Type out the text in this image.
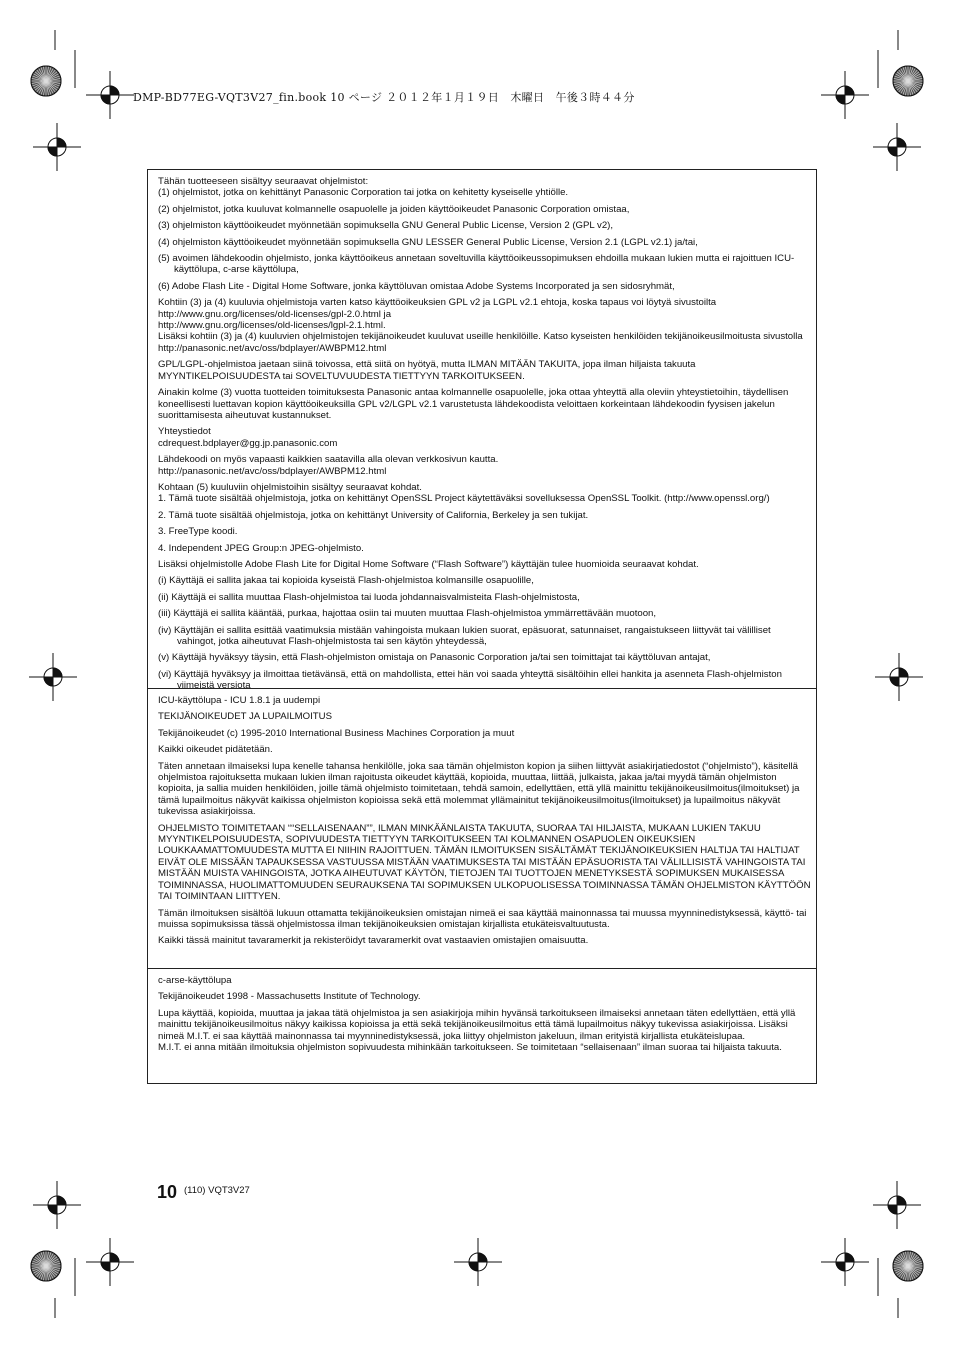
DMP-BD77EG-VQT3V27_fin.book 10 ページ ２０１２年１月１９日　木曜日　午後３時４４分

Tähän tuotteeseen sisältyy seuraavat ohjelmistot:

(1) ohjelmistot, jotka on kehittänyt Panasonic Corporation tai jotka on kehitetty kyseiselle yhtiölle.

(2) ohjelmistot, jotka kuuluvat kolmannelle osapuolelle ja joiden käyttöoikeudet Panasonic Corporation omistaa,

(3) ohjelmiston käyttöoikeudet myönnetään sopimuksella GNU General Public License, Version 2 (GPL v2),

(4) ohjelmiston käyttöoikeudet myönnetään sopimuksella GNU LESSER General Public License, Version 2.1 (LGPL v2.1) ja/tai,

(5) avoimen lähdekoodin ohjelmisto, jonka käyttöoikeus annetaan soveltuvilla käyttöoikeussopimuksen ehdoilla mukaan lukien mutta ei rajoittuen ICU-käyttölupa, c-arse käyttölupa,

(6) Adobe Flash Lite - Digital Home Software, jonka käyttöluvan omistaa Adobe Systems Incorporated ja sen sidosryhmät,

Kohtiin (3) ja (4) kuuluvia ohjelmistoja varten katso käyttöoikeuksien GPL v2 ja LGPL v2.1 ehtoja, koska tapaus voi löytyä sivustoilta

http://www.gnu.org/licenses/old-licenses/gpl-2.0.html ja

http://www.gnu.org/licenses/old-licenses/lgpl-2.1.html.

Lisäksi kohtiin (3) ja (4) kuuluvien ohjelmistojen tekijänoikeudet kuuluvat useille henkilöille. Katso kyseisten henkilöiden tekijänoikeusilmoitusta sivustolla

http://panasonic.net/avc/oss/bdplayer/AWBPM12.html

GPL/LGPL-ohjelmistoa jaetaan siinä toivossa, että siitä on hyötyä, mutta ILMAN MITÄÄN TAKUITA, jopa ilman hiljaista takuuta MYYNTIKELPOISUUDESTA tai SOVELTUVUUDESTA TIETTYYN TARKOITUKSEEN.

Ainakin kolme (3) vuotta tuotteiden toimituksesta Panasonic antaa kolmannelle osapuolelle, joka ottaa yhteyttä alla oleviin yhteystietoihin, täydellisen koneellisesti luettavan kopion käyttöoikeuksilla GPL v2/LGPL v2.1 varustetusta lähdekoodista veloittaen korkeintaan lähdekoodin fyysisen jakelun suorittamisesta aiheutuvat kustannukset.

Yhteystiedot

cdrequest.bdplayer@gg.jp.panasonic.com

Lähdekoodi on myös vapaasti kaikkien saatavilla alla olevan verkkosivun kautta.

http://panasonic.net/avc/oss/bdplayer/AWBPM12.html

Kohtaan (5) kuuluviin ohjelmistoihin sisältyy seuraavat kohdat.

1. Tämä tuote sisältää ohjelmistoja, jotka on kehittänyt OpenSSL Project käytettäväksi sovelluksessa OpenSSL Toolkit. (http://www.openssl.org/)

2. Tämä tuote sisältää ohjelmistoja, jotka on kehittänyt University of California, Berkeley ja sen tukijat.

3. FreeType koodi.

4. Independent JPEG Group:n JPEG-ohjelmisto.

Lisäksi ohjelmistolle Adobe Flash Lite for Digital Home Software (“Flash Software”) käyttäjän tulee huomioida seuraavat kohdat.

(i) Käyttäjä ei sallita jakaa tai kopioida kyseistä Flash-ohjelmistoa kolmansille osapuolille,

(ii) Käyttäjä ei sallita muuttaa Flash-ohjelmistoa tai luoda johdannaisvalmisteita Flash-ohjelmistosta,

(iii) Käyttäjä ei sallita kääntää, purkaa, hajottaa osiin tai muuten muuttaa Flash-ohjelmistoa ymmärrettävään muotoon,

(iv) Käyttäjän ei sallita esittää vaatimuksia mistään vahingoista mukaan lukien suorat, epäsuorat, satunnaiset, rangaistukseen liittyvät tai välilliset vahingot, jotka aiheutuvat Flash-ohjelmistosta tai sen käytön yhteydessä,

(v) Käyttäjä hyväksyy täysin, että Flash-ohjelmiston omistaja on Panasonic Corporation ja/tai sen toimittajat tai käyttöluvan antajat,

(vi) Käyttäjä hyväksyy ja ilmoittaa tietävänsä, että on mahdollista, ettei hän voi saada yhteyttä sisältöihin ellei hankita ja asenneta Flash-ohjelmiston viimeistä versiota

ICU-käyttölupa - ICU 1.8.1 ja uudempi

TEKIJÄNOIKEUDET JA LUPAILMOITUS

Tekijänoikeudet (c) 1995-2010 International Business Machines Corporation ja muut

Kaikki oikeudet pidätetään.

Täten annetaan ilmaiseksi lupa kenelle tahansa henkilölle, joka saa tämän ohjelmiston kopion ja siihen liittyvät asiakirjatiedostot (“ohjelmisto”), käsitellä ohjelmistoa rajoituksetta mukaan lukien ilman rajoitusta oikeudet käyttää, kopioida, muuttaa, liittää, julkaista, jakaa ja/tai myydä tämän ohjelmiston kopioita, ja sallia muiden henkilöiden, joille tämä ohjelmisto toimitetaan, tehdä samoin, edellyttäen, että yllä mainittu tekijänoikeusilmoitus(ilmoitukset) ja tämä lupailmoitus näkyvät kaikissa ohjelmiston kopioissa sekä että molemmat yllämainitut tekijänoikeusilmoitus(ilmoitukset) ja lupailmoitus näkyvät tukevissa asiakirjoissa.

OHJELMISTO TOIMITETAAN ““SELLAISENAAN””, ILMAN MINKÄÄNLAISTA TAKUUTA, SUORAA TAI HILJAISTA, MUKAAN LUKIEN TAKUU MYYNTIKELPOISUUDESTA, SOPIVUUDESTA TIETTYYN TARKOITUKSEEN TAI KOLMANNEN OSAPUOLEN OIKEUKSIEN LOUKKAAMATTOMUUDESTA MUTTA EI NIIHIN RAJOITTUEN. TÄMÄN ILMOITUKSEN SISÄLTÄMÄT TEKIJÄNOIKEUKSIEN HALTIJA TAI HALTIJAT EIVÄT OLE MISSÄÄN TAPAUKSESSA VASTUUSSA MISTÄÄN VAATIMUKSESTA TAI MISTÄÄN EPÄSUORISTA TAI VÄLILLISISTÄ VAHINGOISTA TAI MISTÄÄN MUISTA VAHINGOISTA, JOTKA AIHEUTUVAT KÄYTÖN, TIETOJEN TAI TUOTTOJEN MENETYKSESTÄ SOPIMUKSEN MUKAISESSA TOIMINNASSA, HUOLIMATTOMUUDEN SEURAUKSENA TAI SOPIMUKSEN ULKOPUOLISESSA TOIMINNASSA TÄMÄN OHJELMISTON KÄYTTÖÖN TAI TOIMINTAAN LIITTYEN.

Tämän ilmoituksen sisältöä lukuun ottamatta tekijänoikeuksien omistajan nimeä ei saa käyttää mainonnassa tai muussa myynninedistyksessä, käyttö- tai muissa sopimuksissa tässä ohjelmistossa ilman tekijänoikeuksien omistajan kirjallista etukäteisvaltuutusta.

Kaikki tässä mainitut tavaramerkit ja rekisteröidyt tavaramerkit ovat vastaavien omistajien omaisuutta.

c-arse-käyttölupa

Tekijänoikeudet 1998 - Massachusetts Institute of Technology.

Lupa käyttää, kopioida, muuttaa ja jakaa tätä ohjelmistoa ja sen asiakirjoja mihin hyvänsä tarkoitukseen ilmaiseksi annetaan täten edellyttäen, että yllä mainittu tekijänoikeusilmoitus näkyy kaikissa kopioissa ja että sekä tekijänoikeusilmoitus että tämä lupailmoitus näkyy tukevissa asiakirjoissa. Lisäksi nimeä M.I.T. ei saa käyttää mainonnassa tai myynninedistyksessä, joka liittyy ohjelmiston jakeluun, ilman erityistä kirjallista etukäteislupaa.

M.I.T. ei anna mitään ilmoituksia ohjelmiston sopivuudesta mihinkään tarkoitukseen. Se toimitetaan “sellaisenaan” ilman suoraa tai hiljaista takuuta.

10 (110) VQT3V27
